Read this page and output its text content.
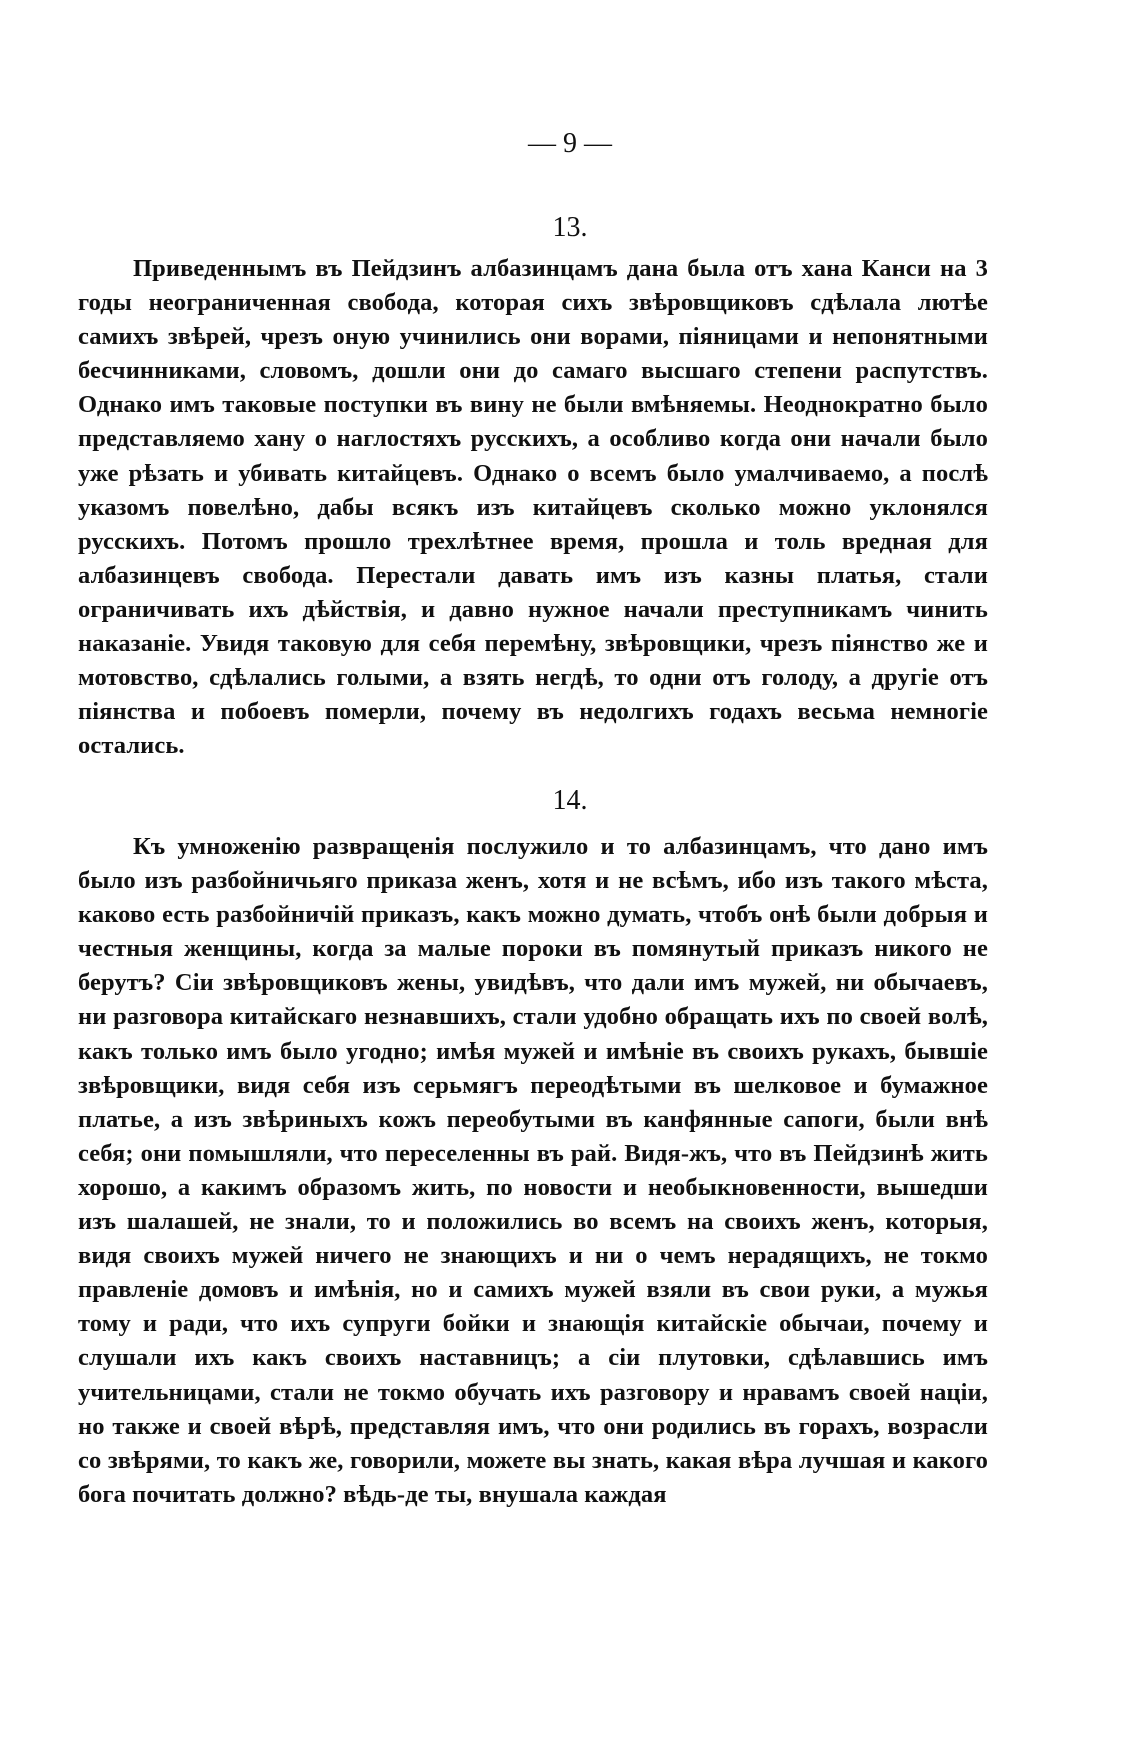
— 9 —
13.
Приведеннымъ въ Пейдзинъ албазинцамъ дана была отъ хана Канси на 3 годы неограниченная свобода, которая сихъ звѣровщиковъ сдѣлала лютѣе самихъ звѣрей, чрезъ оную учинились они ворами, піяницами и непонятными бесчинниками, словомъ, дошли они до самаго высшаго степени распутствъ. Однако имъ таковые поступки въ вину не были вмѣняемы. Неоднократно было представляемо хану о наглостяхъ русскихъ, а особливо когда они начали было уже рѣзать и убивать китайцевъ. Однако о всемъ было умалчиваемо, а послѣ указомъ повелѣно, дабы всякъ изъ китайцевъ сколько можно уклонялся русскихъ. Потомъ прошло трехлѣтнее время, прошла и толь вредная для албазинцевъ свобода. Перестали давать имъ изъ казны платья, стали ограничивать ихъ дѣйствія, и давно нужное начали преступникамъ чинить наказаніе. Увидя таковую для себя перемѣну, звѣровщики, чрезъ піянство же и мотовство, сдѣлались голыми, а взять негдѣ, то одни отъ голоду, а другіе отъ піянства и побоевъ померли, почему въ недолгихъ годахъ весьма немногіе остались.
14.
Къ умноженію развращенія послужило и то албазинцамъ, что дано имъ было изъ разбойничьяго приказа женъ, хотя и не всѣмъ, ибо изъ такого мѣста, каково есть разбойничій приказъ, какъ можно думать, чтобъ онѣ были добрыя и честныя женщины, когда за малые пороки въ помянутый приказъ никого не берутъ? Сіи звѣровщиковъ жены, увидѣвъ, что дали имъ мужей, ни обычаевъ, ни разговора китайскаго незнавшихъ, стали удобно обращать ихъ по своей волѣ, какъ только имъ было угодно; имѣя мужей и имѣніе въ своихъ рукахъ, бывшіе звѣровщики, видя себя изъ серьмягъ переодѣтыми въ шелковое и бумажное платье, а изъ звѣриныхъ кожъ переобутыми въ канфянные сапоги, были внѣ себя; они помышляли, что переселенны въ рай. Видя-жъ, что въ Пейдзинѣ жить хорошо, а какимъ образомъ жить, по новости и необыкновенности, вышедши изъ шалашей, не знали, то и положились во всемъ на своихъ женъ, которыя, видя своихъ мужей ничего не знающихъ и ни о чемъ нерадящихъ, не токмо правленіе домовъ и имѣнія, но и самихъ мужей взяли въ свои руки, а мужья тому и ради, что ихъ супруги бойки и знающія китайскіе обычаи, почему и слушали ихъ какъ своихъ наставницъ; а сіи плутовки, сдѣлавшись имъ учительницами, стали не токмо обучать ихъ разговору и нравамъ своей націи, но также и своей вѣрѣ, представляя имъ, что они родились въ горахъ, возрасли со звѣрями, то какъ же, говорили, можете вы знать, какая вѣра лучшая и какого бога почитать должно? вѣдь-де ты, внушала каждая
